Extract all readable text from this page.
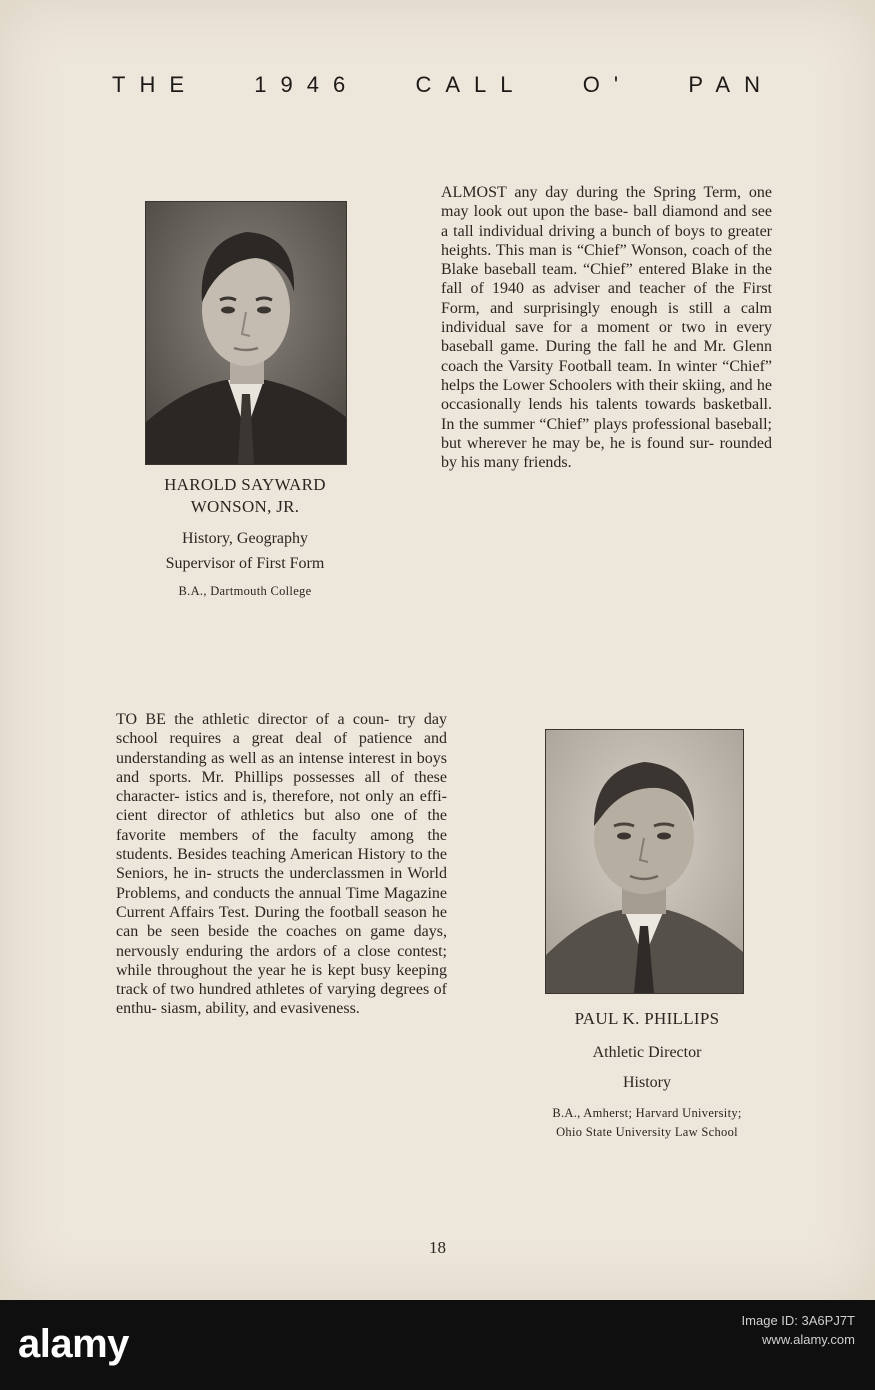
THE	1946	CALL	O'	PAN
HAROLD SAYWARD
WONSON, JR.
History, Geography
Supervisor of First Form
B.A., Dartmouth College

ALMOST any day during the Spring Term, one may look out upon the base- ball diamond and see a tall individual driving a bunch of boys to greater heights. This man is “Chief” Wonson, coach of the Blake baseball team. “Chief” entered Blake in the fall of 1940 as adviser and teacher of the First Form, and surprisingly enough is still a calm individual save for a moment or two in every baseball game. During the fall he and Mr. Glenn coach the Varsity Football team. In winter “Chief” helps the Lower Schoolers with their skiing, and he occasionally lends his talents towards basketball. In the summer “Chief” plays professional baseball; but wherever he may be, he is found sur- rounded by his many friends.

TO BE the athletic director of a coun- try day school requires a great deal of patience and understanding as well as an intense interest in boys and sports. Mr. Phillips possesses all of these character- istics and is, therefore, not only an effi- cient director of athletics but also one of the favorite members of the faculty among the students. Besides teaching American History to the Seniors, he in- structs the underclassmen in World Problems, and conducts the annual Time Magazine Current Affairs Test. During the football season he can be seen beside the coaches on game days, nervously enduring the ardors of a close contest; while throughout the year he is kept busy keeping track of two hundred athletes of varying degrees of enthu- siasm, ability, and evasiveness.

PAUL K. PHILLIPS
Athletic Director
History
B.A., Amherst; Harvard University;
Ohio State University Law School
18
alamy
Image ID: 3A6PJ7T
www.alamy.com
